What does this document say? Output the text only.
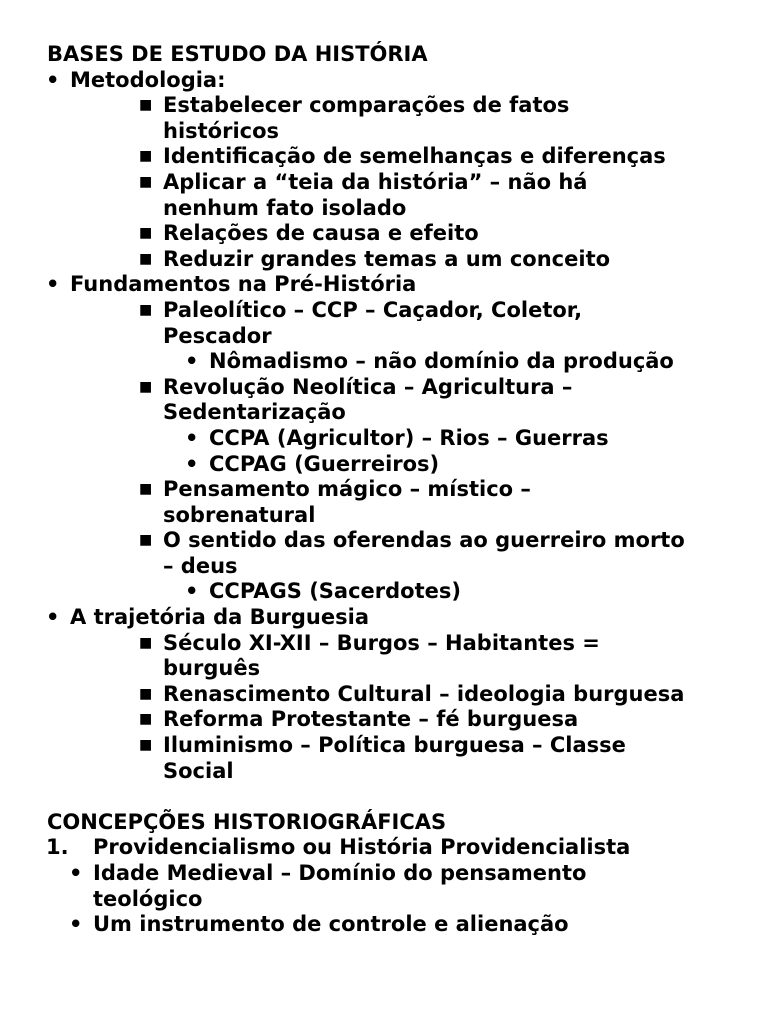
BASES DE ESTUDO DA HISTÓRIA
• Metodologia:
■ Estabelecer comparações de fatos
históricos
■ Identificação de semelhanças e diferenças
■ Aplicar a “teia da história” – não há
nenhum fato isolado
■ Relações de causa e efeito
■ Reduzir grandes temas a um conceito
• Fundamentos na Pré-História
■ Paleolítico – CCP – Caçador, Coletor,
Pescador
• Nômadismo – não domínio da produção
■ Revolução Neolítica – Agricultura –
Sedentarização
• CCPA (Agricultor) – Rios – Guerras
• CCPAG (Guerreiros)
■ Pensamento mágico – místico –
sobrenatural
■ O sentido das oferendas ao guerreiro morto
– deus
• CCPAGS (Sacerdotes)
• A trajetória da Burguesia
■ Século XI-XII – Burgos – Habitantes =
burguês
■ Renascimento Cultural – ideologia burguesa
■ Reforma Protestante – fé burguesa
■ Iluminismo – Política burguesa – Classe
Social
CONCEPÇÕES HISTORIOGRÁFICAS
1. Providencialismo ou História Providencialista
• Idade Medieval – Domínio do pensamento
teológico
• Um instrumento de controle e alienação
